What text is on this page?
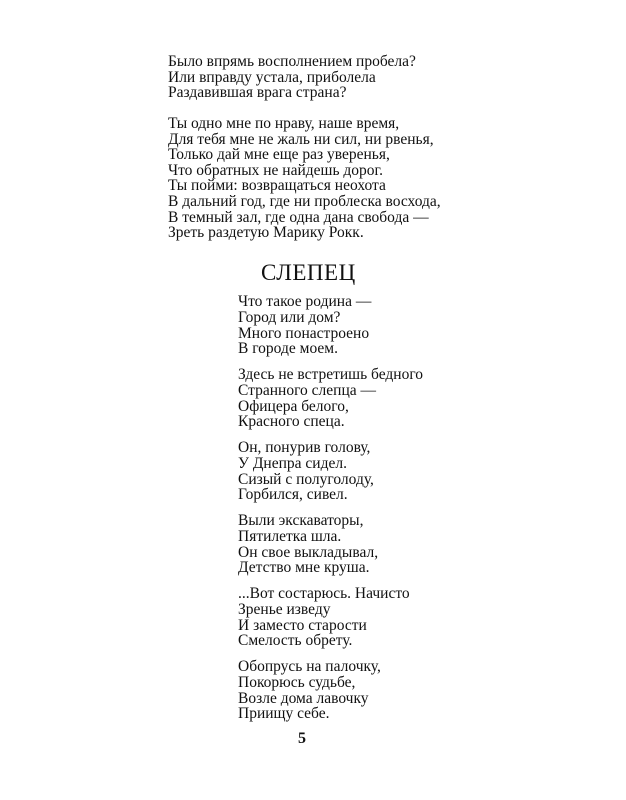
Было впрямь восполнением пробела?
Или вправду устала, приболела
Раздавившая врага страна?
Ты одно мне по нраву, наше время,
Для тебя мне не жаль ни сил, ни рвенья,
Только дай мне еще раз уверенья,
Что обратных не найдешь дорог.
Ты пойми: возвращаться неохота
В дальний год, где ни проблеска восхода,
В темный зал, где одна дана свобода —
Зреть раздетую Марику Рокк.
СЛЕПЕЦ
Что такое родина —
Город или дом?
Много понастроено
В городе моем.
Здесь не встретишь бедного
Странного слепца —
Офицера белого,
Красного спеца.
Он, понурив голову,
У Днепра сидел.
Сизый с полуголоду,
Горбился, сивел.
Выли экскаваторы,
Пятилетка шла.
Он свое выкладывал,
Детство мне круша.
...Вот состарюсь. Начисто
Зренье изведу
И заместо старости
Смелость обрету.
Обопрусь на палочку,
Покорюсь судьбе,
Возле дома лавочку
Приищу себе.
5
